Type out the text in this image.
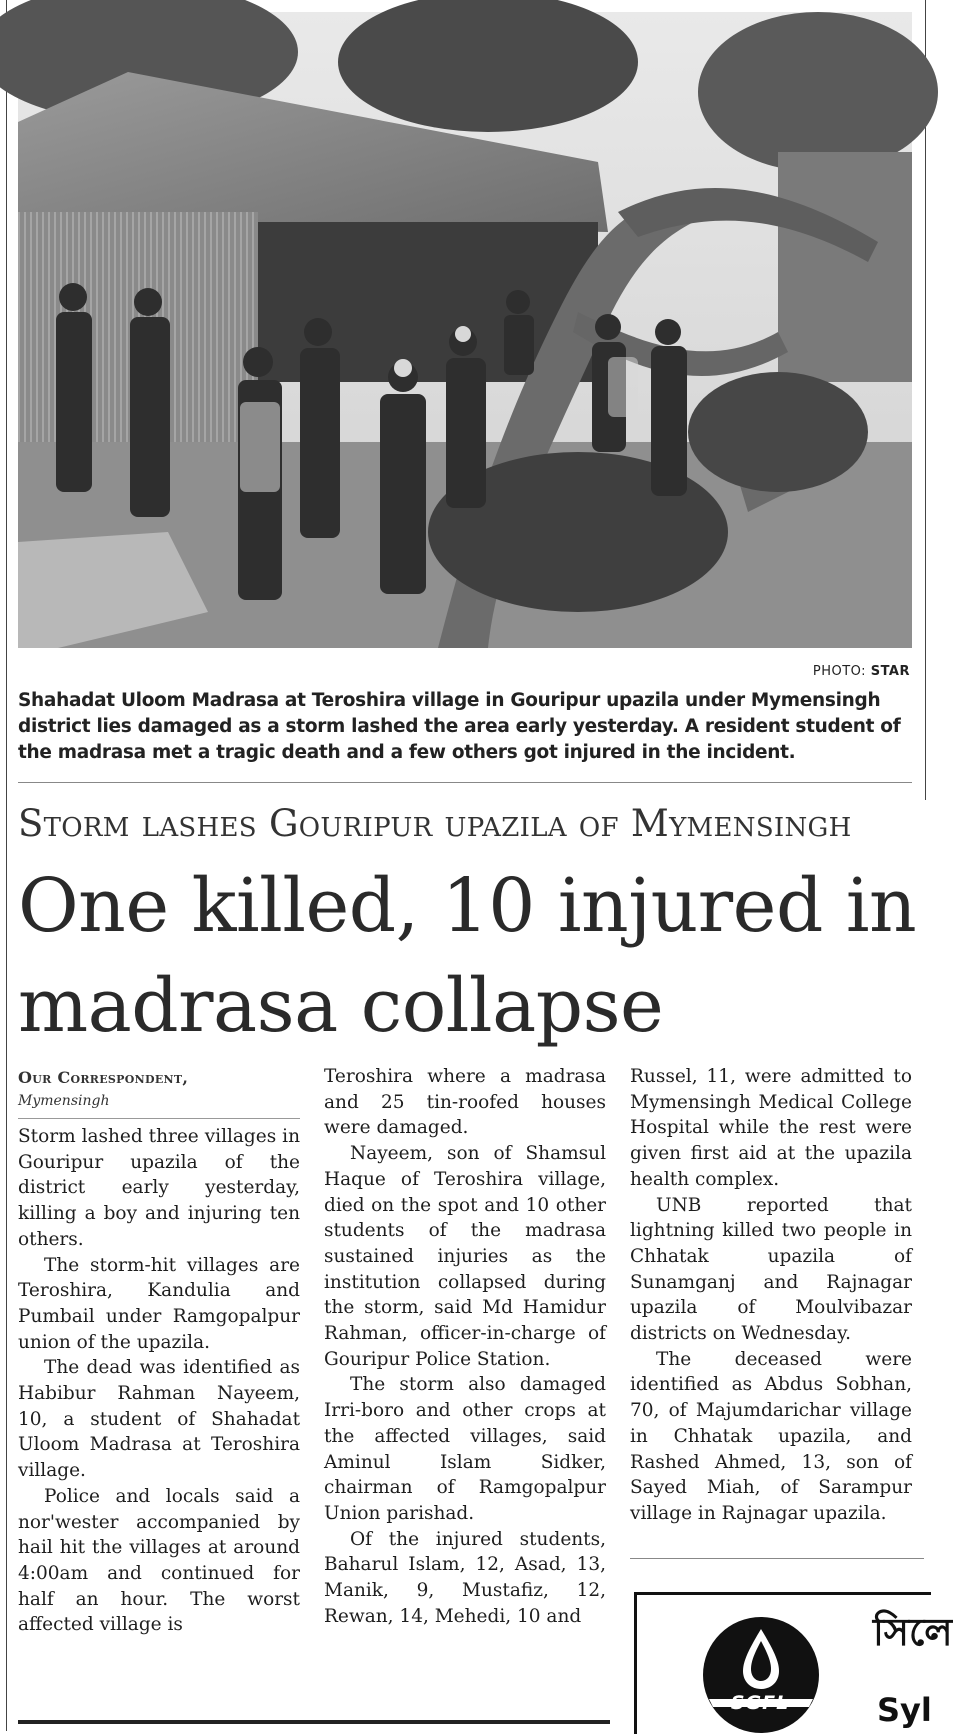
PHOTO: STAR
Shahadat Uloom Madrasa at Teroshira village in Gouripur upazila under Mymensingh district lies damaged as a storm lashed the area early yesterday. A resident student of the madrasa met a tragic death and a few others got injured in the incident.
Storm lashes Gouripur upazila of Mymensingh
One killed, 10 injured in
madrasa collapse
Our Correspondent,
Mymensingh

Storm lashed three villages in Gouripur upazila of the district early yesterday, killing a boy and injuring ten others.

The storm-hit villages are Teroshira, Kandulia and Pumbail under Ramgopalpur union of the upazila.

The dead was identified as Habibur Rahman Nayeem, 10, a student of Shahadat Uloom Madrasa at Teroshira village.

Police and locals said a nor'wester accompanied by hail hit the villages at around 4:00am and continued for half an hour. The worst affected village is

Teroshira where a madrasa and 25 tin-roofed houses were damaged.

Nayeem, son of Shamsul Haque of Teroshira village, died on the spot and 10 other students of the madrasa sustained injuries as the institution collapsed during the storm, said Md Hamidur Rahman, officer-in-charge of Gouripur Police Station.

The storm also damaged Irri-boro and other crops at the affected villages, said Aminul Islam Sidker, chairman of Ramgopalpur Union parishad.

Of the injured students, Baharul Islam, 12, Asad, 13, Manik, 9, Mustafiz, 12, Rewan, 14, Mehedi, 10 and

Russel, 11, were admitted to Mymensingh Medical College Hospital while the rest were given first aid at the upazila health complex.

UNB reported that lightning killed two people in Chhatak upazila of Sunamganj and Rajnagar upazila of Moulvibazar districts on Wednesday.

The deceased were identified as Abdus Sobhan, 70, of Majumdarichar village in Chhatak upazila, and Rashed Ahmed, 13, son of Sayed Miah, of Sarampur village in Rajnagar upazila.

SGFL
সিলে
Syl
